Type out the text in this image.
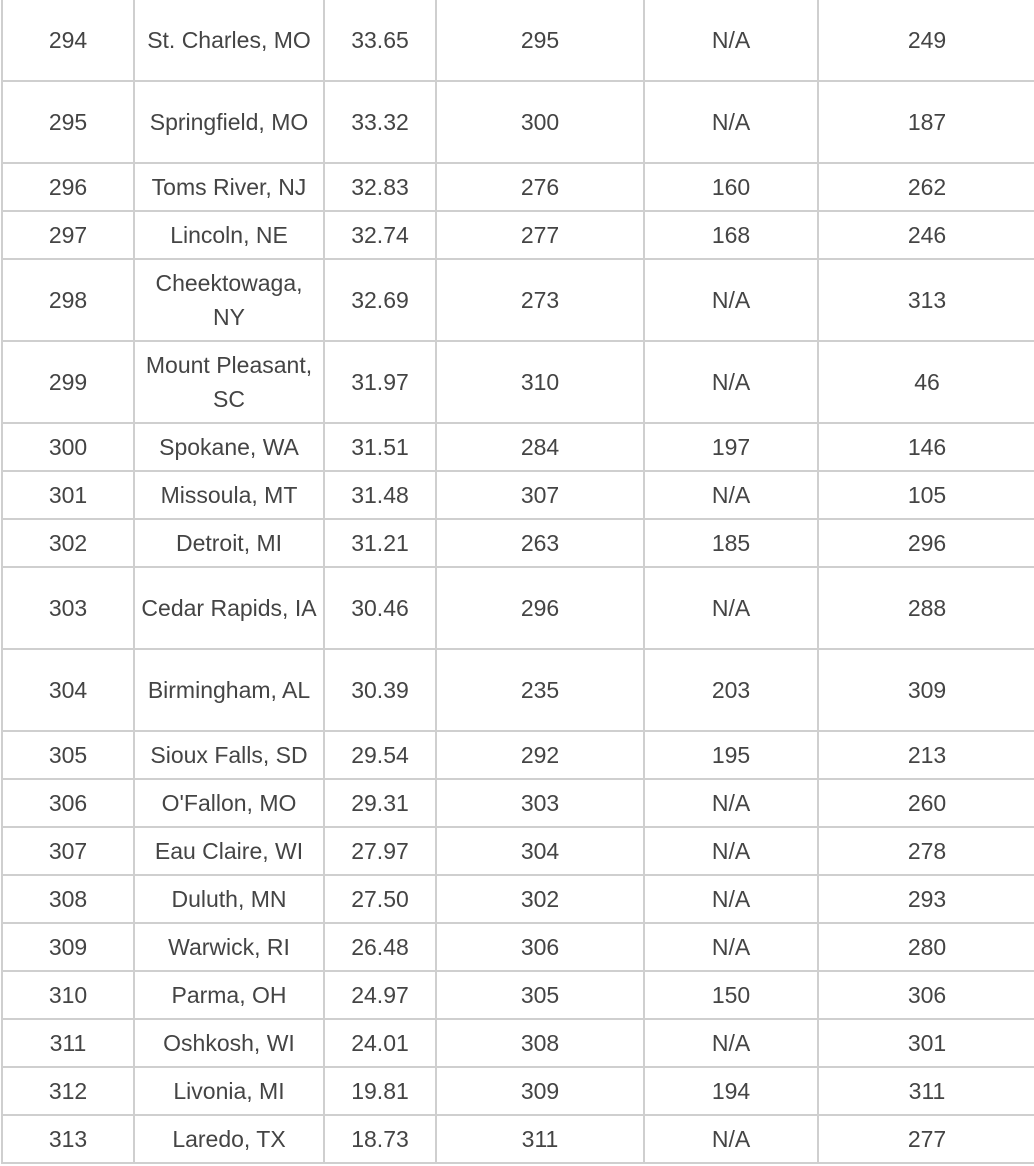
294	St. Charles, MO	33.65	295	N/A	249
295	Springfield, MO	33.32	300	N/A	187
296	Toms River, NJ	32.83	276	160	262
297	Lincoln, NE	32.74	277	168	246
298	Cheektowaga, NY	32.69	273	N/A	313
299	Mount Pleasant, SC	31.97	310	N/A	46
300	Spokane, WA	31.51	284	197	146
301	Missoula, MT	31.48	307	N/A	105
302	Detroit, MI	31.21	263	185	296
303	Cedar Rapids, IA	30.46	296	N/A	288
304	Birmingham, AL	30.39	235	203	309
305	Sioux Falls, SD	29.54	292	195	213
306	O'Fallon, MO	29.31	303	N/A	260
307	Eau Claire, WI	27.97	304	N/A	278
308	Duluth, MN	27.50	302	N/A	293
309	Warwick, RI	26.48	306	N/A	280
310	Parma, OH	24.97	305	150	306
311	Oshkosh, WI	24.01	308	N/A	301
312	Livonia, MI	19.81	309	194	311
313	Laredo, TX	18.73	311	N/A	277
